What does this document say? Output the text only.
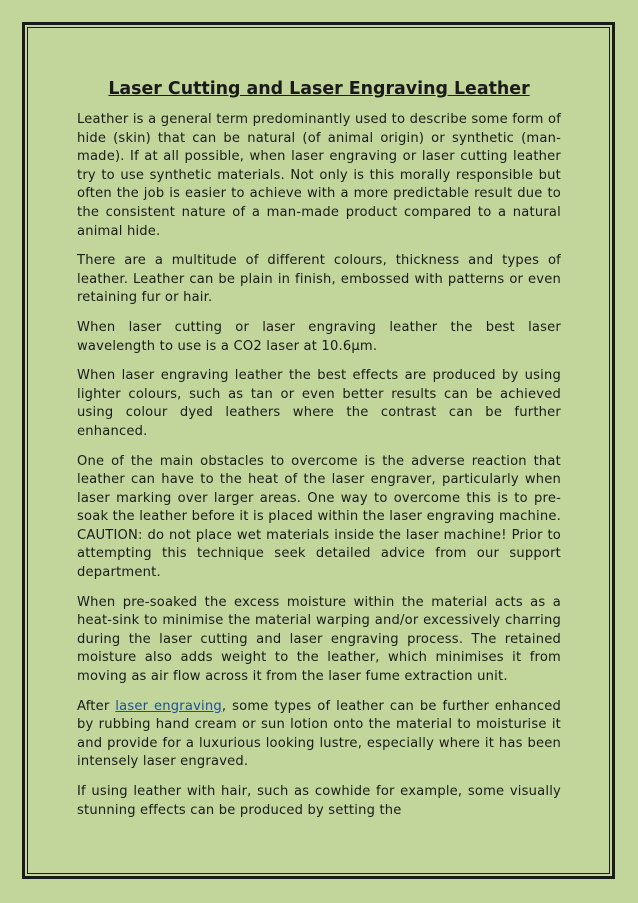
Laser Cutting and Laser Engraving Leather

Leather is a general term predominantly used to describe some form of hide (skin) that can be natural (of animal origin) or synthetic (man-made). If at all possible, when laser engraving or laser cutting leather try to use synthetic materials. Not only is this morally responsible but often the job is easier to achieve with a more predictable result due to the consistent nature of a man-made product compared to a natural animal hide.

There are a multitude of different colours, thickness and types of leather. Leather can be plain in finish, embossed with patterns or even retaining fur or hair.

When laser cutting or laser engraving leather the best laser wavelength to use is a CO2 laser at 10.6µm.

When laser engraving leather the best effects are produced by using lighter colours, such as tan or even better results can be achieved using colour dyed leathers where the contrast can be further enhanced.

One of the main obstacles to overcome is the adverse reaction that leather can have to the heat of the laser engraver, particularly when laser marking over larger areas. One way to overcome this is to pre-soak the leather before it is placed within the laser engraving machine. CAUTION: do not place wet materials inside the laser machine! Prior to attempting this technique seek detailed advice from our support department.

When pre-soaked the excess moisture within the material acts as a heat-sink to minimise the material warping and/or excessively charring during the laser cutting and laser engraving process. The retained moisture also adds weight to the leather, which minimises it from moving as air flow across it from the laser fume extraction unit.

After laser engraving, some types of leather can be further enhanced by rubbing hand cream or sun lotion onto the material to moisturise it and provide for a luxurious looking lustre, especially where it has been intensely laser engraved.

If using leather with hair, such as cowhide for example, some visually stunning effects can be produced by setting the
